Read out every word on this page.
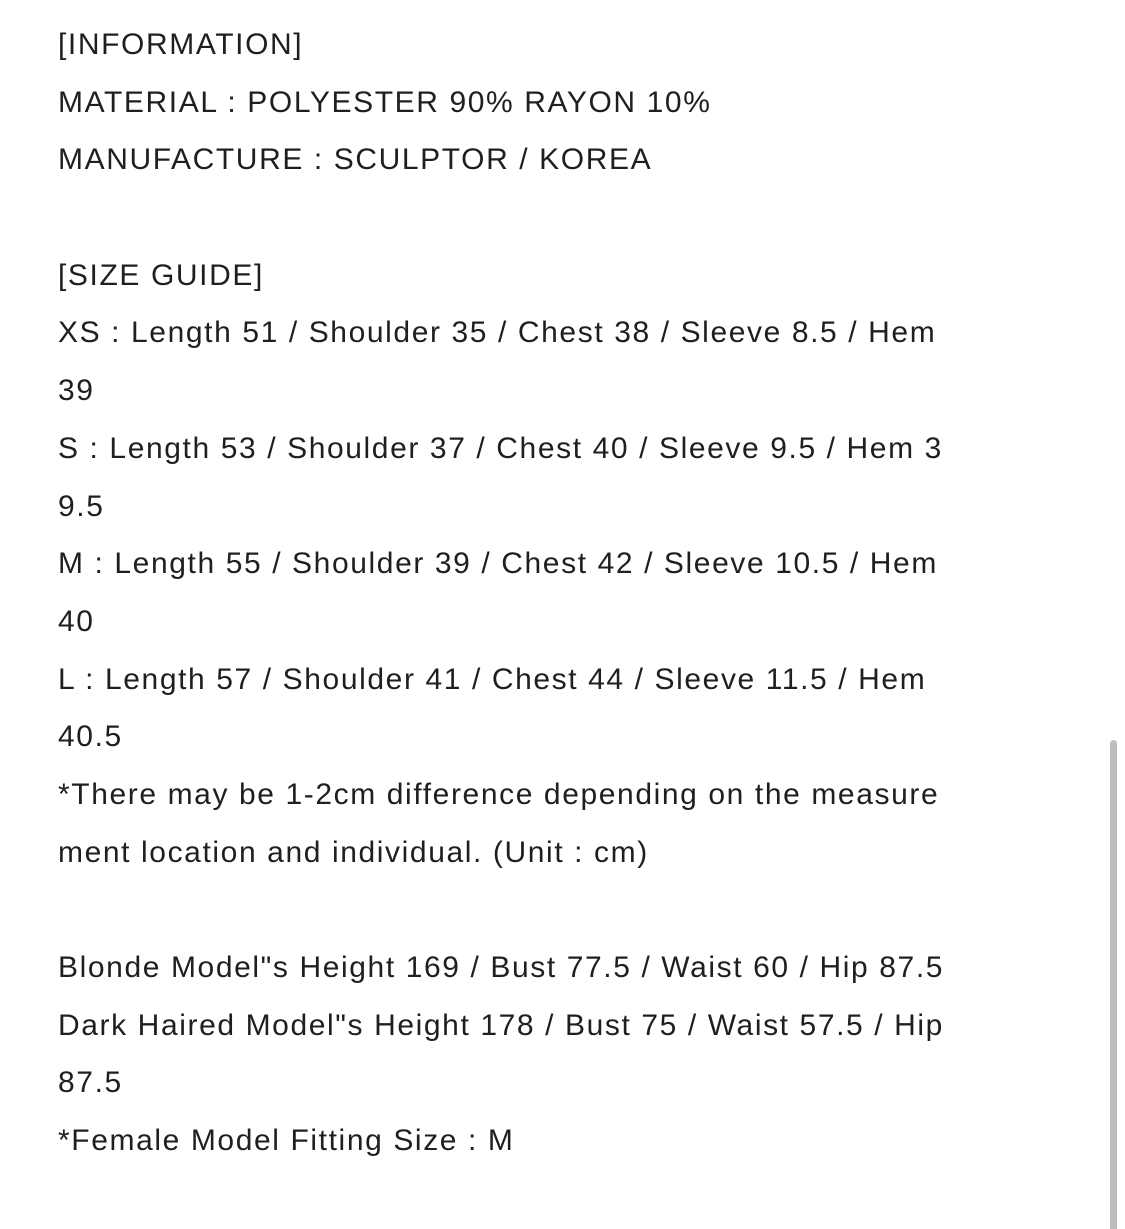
[INFORMATION]
MATERIAL : POLYESTER 90% RAYON 10%
MANUFACTURE : SCULPTOR / KOREA
[SIZE GUIDE]
XS : Length 51 / Shoulder 35 / Chest 38 / Sleeve 8.5 / Hem
39
S : Length 53 / Shoulder 37 / Chest 40 / Sleeve 9.5 / Hem 3
9.5
M : Length 55 / Shoulder 39 / Chest 42 / Sleeve 10.5 / Hem
40
L : Length 57 / Shoulder 41 / Chest 44 / Sleeve 11.5 / Hem
40.5
*There may be 1-2cm difference depending on the measure
ment location and individual. (Unit : cm)
Blonde Model"s Height 169 / Bust 77.5 / Waist 60 / Hip 87.5
Dark Haired Model"s Height 178 / Bust 75 / Waist 57.5 / Hip
87.5
*Female Model Fitting Size : M
